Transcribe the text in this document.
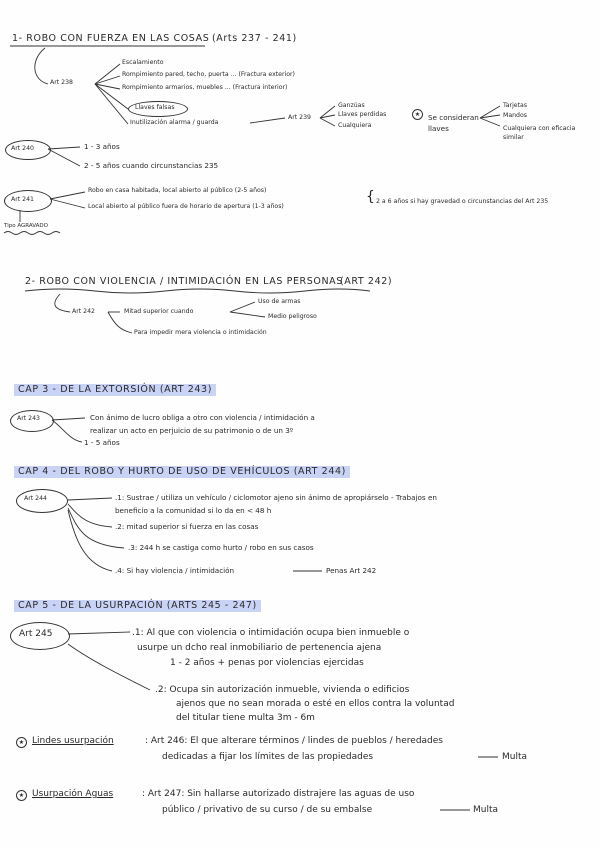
1- ROBO CON FUERZA EN LAS COSAS (Arts 237 - 241)
Art 238
Escalamiento
Rompimiento pared, techo, puerta ... (Fractura exterior)
Rompimiento armarios, muebles ... (Fractura interior)
Llaves falsas
Inutilización alarma / guarda
Art 239
Ganzúas
Llaves perdidas
Cualquiera
★	Se consideran llaves
Tarjetas
Mandos
Cualquiera con eficacia similar
Art 240	1 - 3 años
2 - 5 años cuando circunstancias 235
Art 241
Robo en casa habitada, local abierto al público (2-5 años)
Local abierto al público fuera de horario de apertura (1-3 años)
{ 2 a 6 años si hay gravedad o circunstancias del Art 235
Tipo AGRAVADO
2- ROBO CON VIOLENCIA / INTIMIDACIÓN EN LAS PERSONAS
(ART 242)
Art 242	Mitad superior cuando
Uso de armas
Medio peligroso
Para impedir mera violencia o intimidación
CAP 3 - DE LA EXTORSIÓN (ART 243)
Art 243	Con ánimo de lucro obliga a otro con violencia / intimidación a
realizar un acto en perjuicio de su patrimonio o de un 3º
1 - 5 años
CAP 4 - DEL ROBO Y HURTO DE USO DE VEHÍCULOS (ART 244)
Art 244	.1: Sustrae / utiliza un vehículo / ciclomotor ajeno sin ánimo de apropiárselo - Trabajos en
beneficio a la comunidad si lo da en < 48 h
.2: mitad superior si fuerza en las cosas
.3: 244 h se castiga como hurto / robo en sus casos
.4: Si hay violencia / intimidación	Penas Art 242
CAP 5 - DE LA USURPACIÓN (ARTS 245 - 247)
Art 245	.1: Al que con violencia o intimidación ocupa bien inmueble o
usurpe un dcho real inmobiliario de pertenencia ajena
1 - 2 años + penas por violencias ejercidas
.2: Ocupa sin autorización inmueble, vivienda o edificios
ajenos que no sean morada o esté en ellos contra la voluntad
del titular tiene multa 3m - 6m
★ Lindes usurpación	: Art 246: El que alterare términos / lindes de pueblos / heredades
dedicadas a fijar los límites de las propiedades	Multa
★ Usurpación Aguas	: Art 247: Sin hallarse autorizado distrajere las aguas de uso
público / privativo de su curso / de su embalse	Multa
